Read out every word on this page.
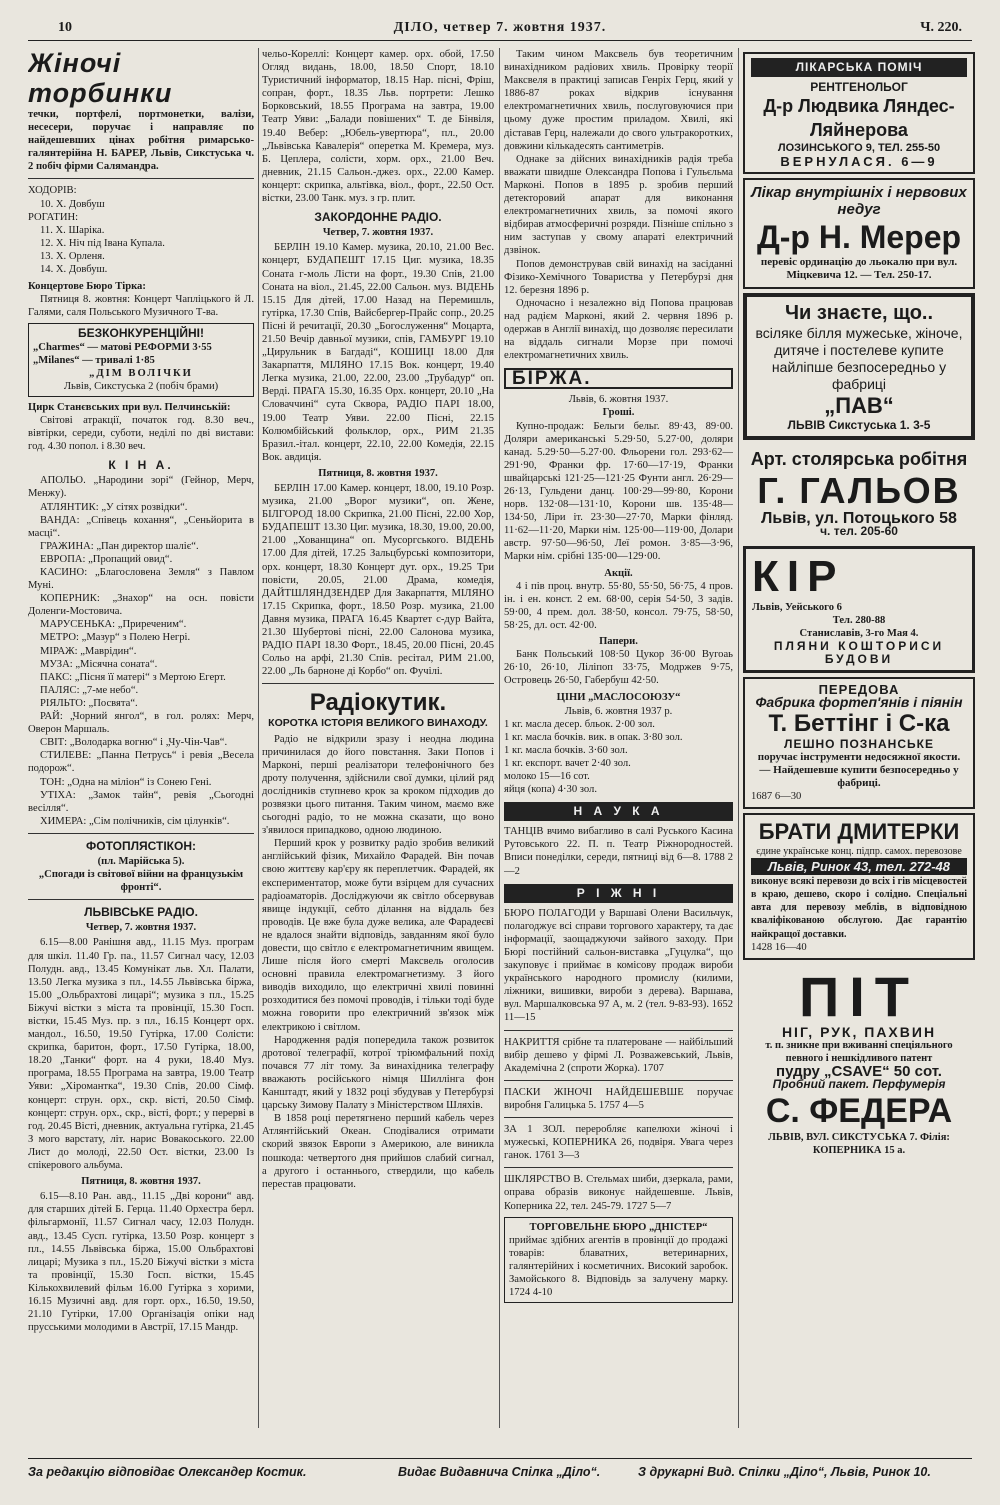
10	ДІЛО, четвер 7. жовтня 1937.	Ч. 220.

Жіночі торбинки

течки, портфелі, портмонетки, валізи, несесери, поручає і направляє по найдешевших цінах робітня римарсько-галянтерійна Н. БАРЕР, Львів, Сикстуська ч. 2 побіч фірми Салямандра.

ХОДОРІВ:

10. X. Довбуш

РОГАТИН:

11. X. Шаріка.

12. X. Ніч під Івана Купала.

13. X. Орленя.

14. X. Довбуш.

Концертове Бюро Тірка:

Пятниця 8. жовтня: Концерт Чапліцького й Л. Галями, саля Польського Музичного Т-ва.

БЕЗКОНКУРЕНЦІЙНІ!

„Charmes“ — матові РЕФОРМИ 3·55

„Milanes“ — тривалі 1·85

„ДІМ ВОЛІЧКИ

Львів, Сикстуська 2 (побіч брами)

Цирк Станєвських при вул. Пелчинській:

Світові атракції, початок год. 8.30 веч., вівтірки, середи, суботи, неділі по дві вистави: год. 4.30 попол. і 8.30 веч.

К І Н А.

АПОЛЬО. „Народини зорі“ (Гейнор, Мерч, Менжу).

АТЛЯНТИК: „У сітях розвідки“.

ВАНДА: „Співець кохання“, „Сеньйорита в масці“.

ГРАЖИНА: „Пан директор шаліє“.

ЕВРОПА: „Пропащий овид“.

КАСИНО: „Благословена Земля“ з Павлом Муні.

КОПЕРНИК: „Знахор“ на осн. повісти Доленги-Мостовича.

МАРУСЕНЬКА: „Приреченим“.

МЕТРО: „Мазур“ з Полею Негрі.

МІРАЖ: „Маврідин“.

МУЗА: „Місячна соната“.

ПАКС: „Пісня її матері“ з Мертою Егерт.

ПАЛЯС: „7-ме небо“.

РІЯЛЬТО: „Посвята“.

РАЙ: „Чорний янгол“, в гол. ролях: Мерч, Оверон Маршаль.

СВІТ: „Володарка вогню“ і „Чу-Чін-Чав“.

СТИЛЕВЕ: „Панна Петрусь“ і ревія „Весела подорож“.

ТОН: „Одна на міліон“ із Сонею Гені.

УТІХА: „Замок тайн“, ревія „Сьогодні весілля“.

ХИМЕРА: „Сім полічників, сім цілунків“.

ФОТОПЛЯСТІКОН:

(пл. Марійська 5).

„Спогади із світової війни на французькім фронті“.

ЛЬВІВСЬКЕ РАДІО.

Четвер, 7. жовтня 1937.

6.15—8.00 Ранішня авд., 11.15 Муз. програм для шкіл. 11.40 Гр. па., 11.57 Сигнал часу, 12.03 Полудн. авд., 13.45 Комунікат льв. Хл. Палати, 13.50 Легка музика з пл., 14.55 Львівська біржа, 15.00 „Ольбрахтові лицарі“; музика з пл., 15.25 Біжучі вістки з міста та провінції, 15.30 Госп. вістки, 15.45 Муз. пр. з пл., 16.15 Концерт орх. мандол., 16.50, 19.50 Гутірка, 17.00 Солісти: скрипка, баритон, форт., 17.50 Гутірка, 18.00, 18.20 „Танки“ форт. на 4 руки, 18.40 Муз. програма, 18.55 Програма на завтра, 19.00 Театр Уяви: „Хіромантка“, 19.30 Спів, 20.00 Сімф. концерт: струн. орх., скр. вісті, 20.50 Сімф. концерт: струн. орх., скр., вісті, форт.; у перерві в год. 20.45 Вісті, дневник, актуальна гутірка, 21.45 З мого варстату, літ. нарис Вовакоського. 22.00 Лист до молоді, 22.50 Ост. вістки, 23.00 Із спікерового альбума.

Пятниця, 8. жовтня 1937.

6.15—8.10 Ран. авд., 11.15 „Дві корони“ авд. для старших дітей Б. Герца. 11.40 Орхестра берл. фільгармонії, 11.57 Сигнал часу, 12.03 Полудн. авд., 13.45 Сусп. гутірка, 13.50 Розр. концерт з пл., 14.55 Львівська біржа, 15.00 Ольбрахтові лицарі; Музика з пл., 15.20 Біжучі вістки з міста та провінції, 15.30 Госп. вістки, 15.45 Кількохвилевий фільм 16.00 Гутірка з хорими, 16.15 Музичні авд. для горт. орх., 16.50, 19.50, 21.10 Гутірки, 17.00 Організація опіки над прусськими молодими в Австрії, 17.15 Мандр.

чельо-Кореллі: Концерт камер. орх. обой, 17.50 Огляд видань, 18.00, 18.50 Спорт, 18.10 Туристичний інформатор, 18.15 Нар. пісні, Фріш, сопран, форт., 18.35 Льв. портрети: Лешко Борковський, 18.55 Програма на завтра, 19.00 Театр Уяви: „Балади повішених“ Т. де Бінвіля, 19.40 Вебер: „Юбель-увертюра“, пл., 20.00 „Львівська Кавалерія“ оперетка М. Кремера, муз. Б. Цеплера, солісти, хорм. орх., 21.00 Веч. дневник, 21.15 Сальон.-джез. орх., 22.00 Камер. концерт: скрипка, альтівка, віол., форт., 22.50 Ост. вістки, 23.00 Танк. муз. з гр. плит.

ЗАКОРДОННЕ РАДІО.

Четвер, 7. жовтня 1937.

БЕРЛІН 19.10 Камер. музика, 20.10, 21.00 Вес. концерт, БУДАПЕШТ 17.15 Циг. музика, 18.35 Соната г-моль Лісти на форт., 19.30 Спів, 21.00 Соната на віол., 21.45, 22.00 Сальон. муз. ВІДЕНЬ 15.15 Для дітей, 17.00 Назад на Перемишль, гутірка, 17.30 Спів, Вайсбергер-Прайс сопр., 20.25 Пісні й речитації, 20.30 „Богослуження“ Моцарта, 21.50 Вечір давньої музики, спів, ГАМБУРГ 19.10 „Цирульник в Багдаді“, КОШИЦІ 18.00 Для Закарпаття, МІЛЯНО 17.15 Вок. концерт, 19.40 Легка музика, 21.00, 22.00, 23.00 „Трубадур“ оп. Верді. ПРАГА 15.30, 16.35 Орх. концерт, 20.10 „На Словаччині“ сута Скворa, РАДІО ПАРІ 18.00, 19.00 Театр Уяви. 22.00 Пісні, 22.15 Колюмбійський фольклор, орх., РИМ 21.35 Бразил.-італ. концерт, 22.10, 22.00 Комедія, 22.15 Вок. авдиція.

Пятниця, 8. жовтня 1937.

БЕРЛІН 17.00 Камер. концерт, 18.00, 19.10 Розр. музика, 21.00 „Ворог музики“, оп. Жене, БІЛГОРОД 18.00 Скрипка, 21.00 Пісні, 22.00 Хор, БУДАПЕШТ 13.30 Циг. музика, 18.30, 19.00, 20.00, 21.00 „Хованщина“ оп. Мусоргського. ВІДЕНЬ 17.00 Для дітей, 17.25 Зальцбурські композитори, орх. концерт, 18.30 Концерт дут. орх., 19.25 Три повісти, 20.05, 21.00 Драма, комедія, ДАЙТШЛЯНДЗЕНДЕР Для Закарпаття, МІЛЯНО 17.15 Скрипка, форт., 18.50 Розр. музика, 21.00 Давня музика, ПРАГА 16.45 Квартет с-дур Вайта, 21.30 Шубертові пісні, 22.00 Салонова музика, РАДІО ПАРІ 18.30 Форт., 18.45, 20.00 Пісні, 20.45 Сольо на арфі, 21.30 Спів. ресітал, РИМ 21.00, 22.00 „Ль барноне ді Корбо“ оп. Фучілі.

Радіокутик.

КОРОТКА ІСТОРІЯ ВЕЛИКОГО ВИНАХОДУ.

Радіо не відкрили зразу і неодна людина причинилася до його повстання. Заки Попов і Марконі, перші реалізатори телефонічного без дроту получення, здійснили свої думки, цілий ряд дослідників ступнево крок за кроком підходив до розвязки цього питання. Таким чином, маємо вже сьогодні радіо, то не можна сказати, що воно з'явилося припадково, одною людиною.

Перший крок у розвитку радіо зробив великий англійський фізик, Михайло Фарадей. Він почав свою життєву кар'єру як переплетчик. Фарадей, як експериментатор, може бути взірцем для сучасних радіоаматорів. Досліджуючи як світло обсервував явище індукції, себто ділання на віддаль без проводів. Це вже була дуже велика, але Фарадеєві не вдалося знайти відповідь, завданням якої було довести, що світло є електромагнетичним явищем. Лише після його смерті Максвель оголосив основні правила електромагнетизму. З його виводів виходило, що електричні хвилі повинні розходитися без помочі проводів, і тільки тоді буде можна говорити про електричний зв'язок між електрикою і світлом.

Народження радія попередила також розвиток дротової телеграфії, котрої тріюмфальний похід почався 77 літ тому. За винахідника телеграфу вважають російського німця Шиллінга фон Канштадт, який у 1832 році збудував у Петербурзі царську Зимову Палату з Міністерством Шляхів.

В 1858 році перетягнено перший кабель через Атлянтійський Океан. Сподівалися отримати скорий звязок Европи з Америкою, але виникла пошкода: четвертого дня прийшов слабий сигнал, а другого і останнього, ствердили, що кабель перестав працювати.

Таким чином Максвель був теоретичним винахідником радіових хвиль. Провірку теорії Максвеля в практиці записав Генріх Герц, який у 1886-87 роках відкрив існування електромагнетичних хвиль, послуговуючися при цьому дуже простим приладом. Хвилі, які діставав Герц, належали до свого ультракоротких, довжини кількадесять сантиметрів.

Однаке за дійсних винахідників радія треба вважати швидше Олександра Попова і Гульєльма Марконі. Попов в 1895 р. зробив перший детекторовий апарат для виконання електромагнетичних хвиль, за помочі якого відбирав атмосферичні розряди. Пізніше спільно з ним заступав у свому апараті електричний дзвінок.

Попов демонстрував свій винахід на засіданні Фізико-Хемічного Товариства у Петербурзі дня 12. березня 1896 р.

Одночасно і незалежно від Попова працював над радієм Марконі, який 2. червня 1896 р. одержав в Англії винахід, що дозволяє пересилати на віддаль сигнали Морзе при помочі електромагнетичних хвиль.

БІРЖА.

Львів, 6. жовтня 1937.

Гроші.

Купно-продаж: Бельги бельг. 89·43, 89·00. Доляри американські 5.29·50, 5.27·00, доляри канад. 5.29·50—5.27·00. Фльорени гол. 293·62—291·90, Франки фр. 17·60—17·19, Франки швайцарські 121·25—121·25 Фунти англ. 26·29—26·13, Гульдени данц. 100·29—99·80, Корони норв. 132·08—131·10, Корони шв. 135·48—134·50, Ліри іт. 23·30—27·70, Марки фінляд. 11·62—11·20, Марки нім. 125·00—119·00, Долари австр. 97·50—96·50, Леї ромон. 3·85—3·96, Марки нім. срібні 135·00—129·00.

Акції.

4 і пів проц. внутр. 55·80, 55·50, 56·75, 4 пров. ін. і ен. конст. 2 ем. 68·00, серія 54·50, 3 задів. 59·00, 4 прем. дол. 38·50, консол. 79·75, 58·50, 58·25, дл. ост. 42·00.

Папери.

Банк Польський 108·50 Цукор 36·00 Вугоаь 26·10, 26·10, Ліліпоп 33·75, Модржев 9·75, Островець 26·50, Габербуш 42·50.

ЦІНИ „МАСЛОСОЮЗУ“

Львів, 6. жовтня 1937 р.

1 кг. масла десер. бльок. 2·00 зол.

1 кг. масла бочків. вик. в опак. 3·80 зол.

1 кг. масла бочків. 3·60 зол.

1 кг. експорт. вачет 2·40 зол.

молоко 15—16 сот.

яйця (копа) 4·30 зол.

Н А У К А

ТАНЦІВ вчимо вибагливо в салі Руського Касина Рутовського 22. П. п. Театр Ріжнородностей. Вписи понеділки, середи, пятниці від 6—8. 1788 2—2

Р І Ж Н І

БЮРО ПОЛАГОДИ у Варшаві Олени Васильчук, полагоджує всі справи торгового характеру, та дає інформації, заощаджуючи зайвого заходу. При Бюрі постійний сальон-виставка „Гуцулка“, що закуповує і приймає в комісову продаж вироби українського народного промислу (килими, ліжники, вишивки, вироби з дерева). Варшава, вул. Маршалковська 97 А, м. 2 (тел. 9-83-93). 1652 11—15

НАКРИТТЯ срібне та платероване — найбільший вибір дешево у фірмі Л. Розважевський, Львів, Академічна 2 (спроти Жорка). 1707

ПАСКИ ЖІНОЧІ НАЙДЕШЕВШЕ поручає виробня Галицька 5. 1757 4—5

ЗА 1 ЗОЛ. переробляє капелюхи жіночі і мужеські, КОПЕРНИКА 26, подвіря. Увага через ганок. 1761 3—3

ШКЛЯРСТВО В. Стельмах шиби, дзеркала, рами, оправа образів виконує найдешевше. Львів, Коперника 22, тел. 245-79. 1727 5—7

ТОРГОВЕЛЬНЕ БЮРО „ДНІСТЕР“

приймає здібних агентів в провінції до продажі товарів: блаватних, ветеринарних, галянтерійних і косметичних. Високий заробок. Замойського 8. Відповідь за залучену марку. 1724 4-10

ЛІКАРСЬКА ПОМІЧ

РЕНТГЕНОЛЬОГ

Д-р Людвика Ляндес-Ляйнерова

ЛОЗИНСЬКОГО 9, ТЕЛ. 255-50

ВЕРНУЛАСЯ. 6—9

Лікар внутрішніх і нервових недуг

Д-р Н. Мерер

перевіс ординацію до льокалю при вул. Міцкевича 12. — Тел. 250-17.

Чи знаєте, що..

всіляке білля мужеське, жіноче, дитяче і постелеве купите найліпше безпосередньо у фабриці

„ПАВ“

ЛЬВІВ Сикстуська 1. 3-5

Арт. столярська робітня

Г. ГАЛЬОВ

Львів, ул. Потоцького 58

ч. тел. 205-60

КІР

Львів, Уейського 6

Тел. 280-88

Станиславів, 3-го Мая 4.

ПЛЯНИ КОШТОРИСИ БУДОВИ

ПЕРЕДОВА

Фабрика фортеп'янів і піянін

Т. Беттінг і С-ка

ЛЕШНО ПОЗНАНСЬКЕ

поручає інструменти недосяжної якости. — Найдешевше купити безпосередньо у фабриці.

1687 6—30

БРАТИ ДМИТЕРКИ

єдине українське конц. підпр. самох. перевозове

Львів, Ринок 43, тел. 272-48

виконує всякі перевози до всіх і гів місцевостей в краю, дешево, скоро і солідно. Спеціальні авта для перевозу меблів, в відповідною кваліфікованою обслугою. Дає гарантію найкращої доставки.

1428 16—40

ПІТ

НІГ, РУК, ПАХВИН

т. п. зникне при вживанні спеціяльного певного і нешкідливого патент

пудру „CSAVE“ 50 сот.

Пробний пакет. Перфумерія

С. ФЕДЕРА

ЛЬВІВ, ВУЛ. СИКСТУСЬКА 7. Філія: КОПЕРНИКА 15 а.

За редакцію відповідає Олександер Костик.	Видає Видавнича Спілка „Діло“.	З друкарні Вид. Спілки „Діло“, Львів, Ринок 10.
